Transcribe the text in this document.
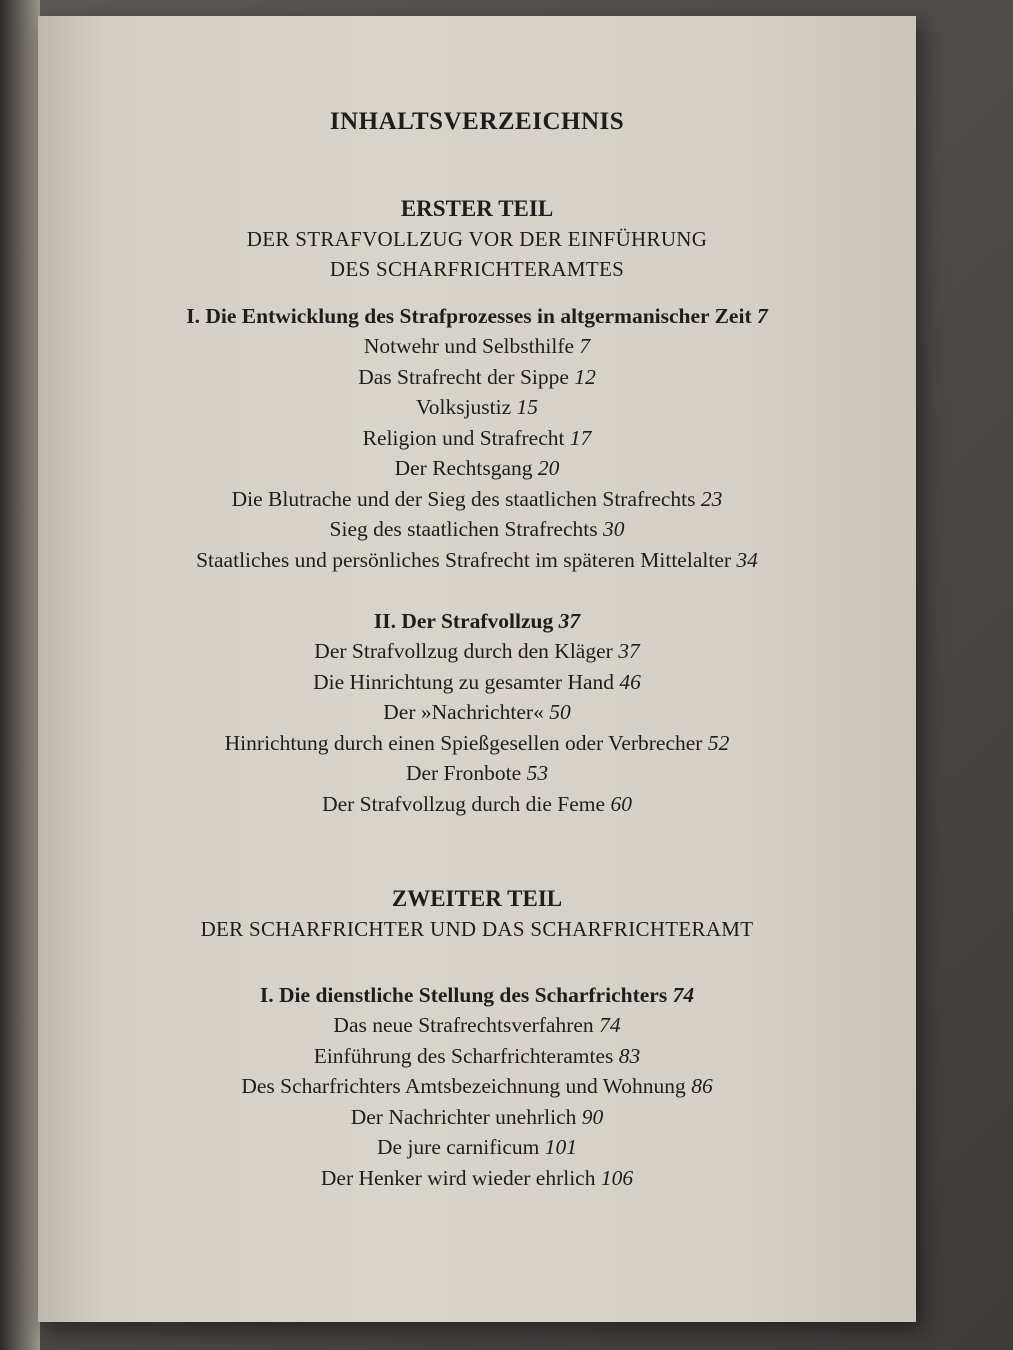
INHALTSVERZEICHNIS

ERSTER TEIL

DER STRAFVOLLZUG VOR DER EINFÜHRUNG

DES SCHARFRICHTERAMTES

I. Die Entwicklung des Strafprozesses in altgermanischer Zeit 7

Notwehr und Selbsthilfe 7
Das Strafrecht der Sippe 12
Volksjustiz 15
Religion und Strafrecht 17
Der Rechtsgang 20
Die Blutrache und der Sieg des staatlichen Strafrechts 23
Sieg des staatlichen Strafrechts 30
Staatliches und persönliches Strafrecht im späteren Mittelalter 34

II. Der Strafvollzug 37

Der Strafvollzug durch den Kläger 37
Die Hinrichtung zu gesamter Hand 46
Der »Nachrichter« 50
Hinrichtung durch einen Spießgesellen oder Verbrecher 52
Der Fronbote 53
Der Strafvollzug durch die Feme 60

ZWEITER TEIL

DER SCHARFRICHTER UND DAS SCHARFRICHTERAMT

I. Die dienstliche Stellung des Scharfrichters 74

Das neue Strafrechtsverfahren 74
Einführung des Scharfrichteramtes 83
Des Scharfrichters Amtsbezeichnung und Wohnung 86
Der Nachrichter unehrlich 90
De jure carnificum 101
Der Henker wird wieder ehrlich 106
